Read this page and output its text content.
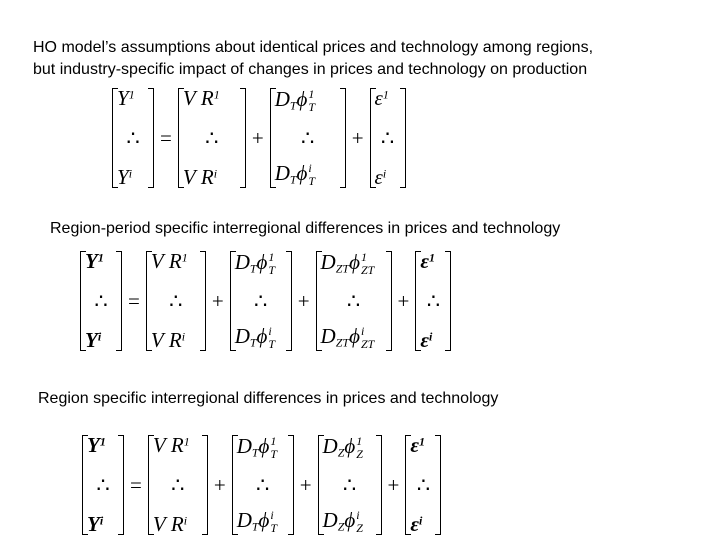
HO model’s assumptions about identical prices and technology among regions,
but industry-specific impact of changes in prices and technology on production
$Y^1$
∴
$Y^i$
=
V $R^1$
∴
V $R^i$
+
$D_T\phi$ 1
T
∴
$D_T\phi$ i
T
+
$\varepsilon^1$
∴
$\varepsilon^i$
Region-period specific interregional differences in prices and technology
$Y^1$
∴
$Y^i$
=
V $R^1$
∴
V $R^i$
+
$D_T\phi$ 1
T
∴
$D_T\phi$ i
T
+
$D_{ZT}\phi$ 1
ZT
∴
$D_{ZT}\phi$ i
ZT
+
$\varepsilon^1$
∴
$\varepsilon^i$
Region specific interregional differences in prices and technology
$Y^1$
∴
$Y^i$
=
V $R^1$
∴
V $R^i$
+
$D_T\phi$ 1
T
∴
$D_T\phi$ i
T
+
$D_Z\phi$ 1
Z
∴
$D_Z\phi$ i
Z
+
$\varepsilon^1$
∴
$\varepsilon^i$
